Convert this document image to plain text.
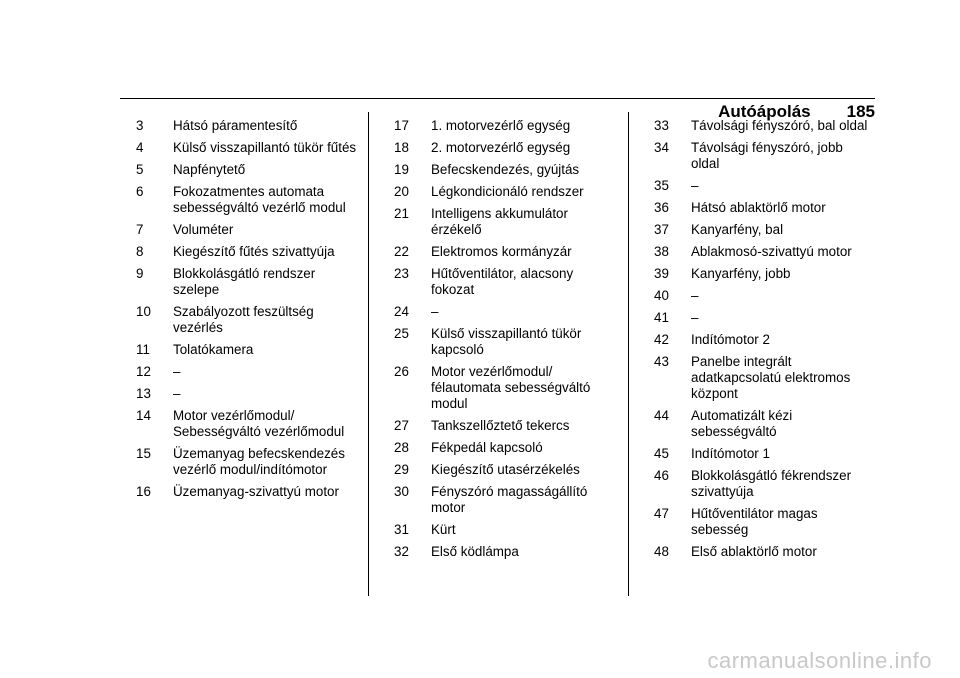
Autóápolás 185
3	Hátsó páramentesítő
4	Külső visszapillantó tükör fűtés
5	Napfénytető
6	Fokozatmentes automata sebességváltó vezérlő modul
7	Voluméter
8	Kiegészítő fűtés szivattyúja
9	Blokkolásgátló rendszer szelepe
10	Szabályozott feszültség vezérlés
11	Tolatókamera
12	–
13	–
14	Motor vezérlőmodul/ Sebességváltó vezérlőmodul
15	Üzemanyag befecskendezés vezérlő modul/indítómotor
16	Üzemanyag-szivattyú motor
17	1. motorvezérlő egység
18	2. motorvezérlő egység
19	Befecskendezés, gyújtás
20	Légkondicionáló rendszer
21	Intelligens akkumulátor érzékelő
22	Elektromos kormányzár
23	Hűtőventilátor, alacsony fokozat
24	–
25	Külső visszapillantó tükör kapcsoló
26	Motor vezérlőmodul/ félautomata sebességváltó modul
27	Tankszellőztető tekercs
28	Fékpedál kapcsoló
29	Kiegészítő utasérzékelés
30	Fényszóró magasságállító motor
31	Kürt
32	Első ködlámpa
33	Távolsági fényszóró, bal oldal
34	Távolsági fényszóró, jobb oldal
35	–
36	Hátsó ablaktörlő motor
37	Kanyarfény, bal
38	Ablakmosó-szivattyú motor
39	Kanyarfény, jobb
40	–
41	–
42	Indítómotor 2
43	Panelbe integrált adatkapcsolatú elektromos központ
44	Automatizált kézi sebességváltó
45	Indítómotor 1
46	Blokkolásgátló fékrendszer szivattyúja
47	Hűtőventilátor magas sebesség
48	Első ablaktörlő motor
carmanualsonline.info
